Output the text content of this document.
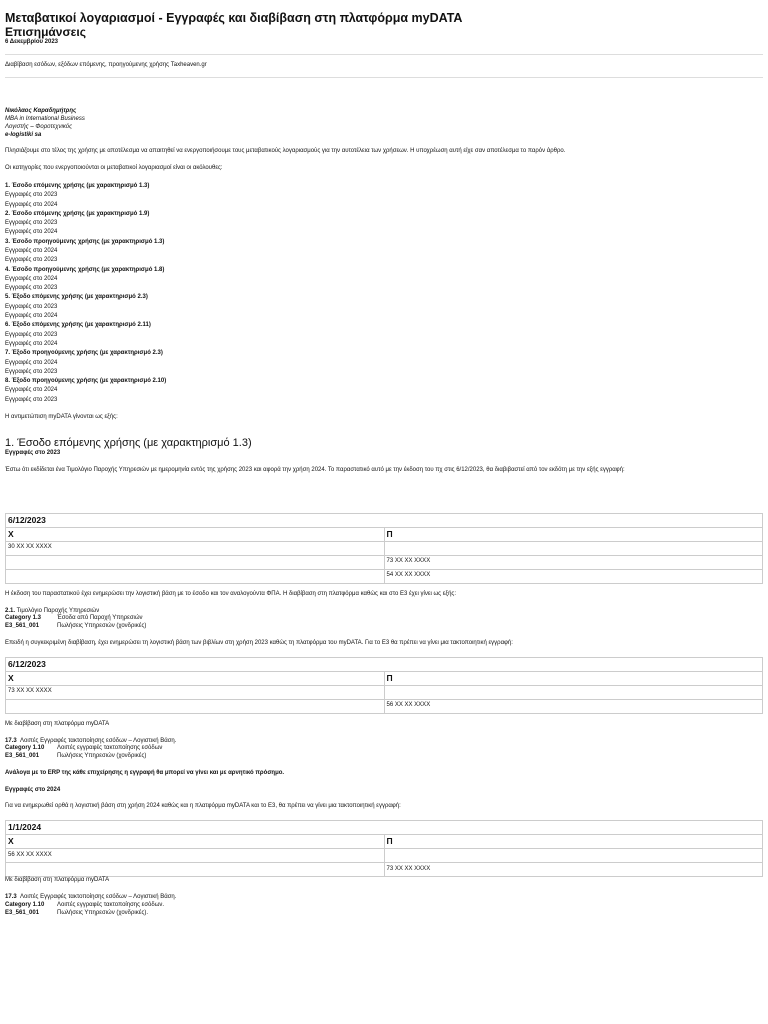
Μεταβατικοί λογαριασμοί - Εγγραφές και διαβίβαση στη πλατφόρμα myDATA
Επισημάνσεις
6 Δεκεμβρίου 2023
Διαβίβαση εσόδων, εξόδων επόμενης, προηγούμενης χρήσης Taxheaven.gr
Νικόλαος Καραδημήτρης
MBA in International Business
Λογιστής – Φοροτεχνικός
e-logistiki sa

Πλησιάζουμε στο τέλος της χρήσης με αποτέλεσμα να απαιτηθεί να ενεργοποιήσουμε τους μεταβατικούς λογαριασμούς για την αυτοτέλεια των χρήσεων. Η υποχρέωση αυτή είχε σαν αποτέλεσμα το παρόν άρθρο.

Οι κατηγορίες που ενεργοποιούνται οι μεταβατικοί λογαριασμοί είναι οι ακόλουθες:

1. Έσοδο επόμενης χρήσης (με χαρακτηρισμό 1.3)
Εγγραφές στο 2023
Εγγραφές στο 2024
2. Έσοδο επόμενης χρήσης (με χαρακτηρισμό 1.9)
Εγγραφές στο 2023
Εγγραφές στο 2024
3. Έσοδο προηγούμενης χρήσης (με χαρακτηρισμό 1.3)
Εγγραφές στο 2024
Εγγραφές στο 2023
4. Έσοδο προηγούμενης χρήσης (με χαρακτηρισμό 1.8)
Εγγραφές στο 2024
Εγγραφές στο 2023
5. Έξοδο επόμενης χρήσης (με χαρακτηρισμό 2.3)
Εγγραφές στο 2023
Εγγραφές στο 2024
6. Έξοδο επόμενης χρήσης (με χαρακτηρισμό 2.11)
Εγγραφές στο 2023
Εγγραφές στο 2024
7. Έξοδο προηγούμενης χρήσης (με χαρακτηρισμό 2.3)
Εγγραφές στο 2024
Εγγραφές στο 2023
8. Έξοδο προηγούμενης χρήσης (με χαρακτηρισμό 2.10)
Εγγραφές στο 2024
Εγγραφές στο 2023

Η αντιμετώπιση myDATA γίνονται ως εξής:

1. Έσοδο επόμενης χρήσης (με χαρακτηρισμό 1.3)
Εγγραφές στο 2023

Έστω ότι εκδίδεται ένα Τιμολόγιο Παροχής Υπηρεσιών με ημερομηνία εντός της χρήσης 2023 και αφορά την χρήση 2024. Το παραστατικό αυτό με την έκδοση του πχ στις 6/12/2023, θα διαβιβαστεί από τον εκδότη με την εξής εγγραφή:

6/12/2023	
Χ	Π
30 ΧΧ ΧΧ ΧΧΧΧ	
	73 ΧΧ ΧΧ ΧΧΧΧ
	54 ΧΧ ΧΧ ΧΧΧΧ

Η έκδοση του παραστατικού έχει ενημερώσει την λογιστική βάση με το έσοδο και τον αναλογούντα ΦΠΑ. Η διαβίβαση στη πλατφόρμα καθώς και στο Ε3 έχει γίνει ως εξής:

2.1. Τιμολόγιο Παροχής Υπηρεσιών
Category 1.3	Έσοδα από Παροχή Υπηρεσιών
E3_561_001	Πωλήσεις Υπηρεσιών (χονδρικές)

Επειδή η συγκεκριμένη διαβίβαση, έχει ενημερώσει τη λογιστική βάση των βιβλίων στη χρήση 2023 καθώς τη πλατφόρμα του myDATA. Για το Ε3 θα πρέπει να γίνει μια τακτοποιητική εγγραφή:

6/12/2023	
Χ	Π
73 ΧΧ ΧΧ ΧΧΧΧ	
	56 ΧΧ ΧΧ ΧΧΧΧ

Με διαβίβαση στη πλατφόρμα myDATA

17.3 Λοιπές Εγγραφές τακτοποίησης εσόδων – Λογιστική Βάση.
Category 1.10 Λοιπές εγγραφές τακτοποίησης εσόδων
E3_561_001	Πωλήσεις Υπηρεσιών (χονδρικές)

Ανάλογα με το ERP της κάθε επιχείρησης η εγγραφή θα μπορεί να γίνει και με αρνητικό πρόσημο.

Εγγραφές στο 2024

Για να ενημερωθεί ορθά η λογιστική βάση στη χρήση 2024 καθώς και η πλατφόρμα myDATA και το Ε3, θα πρέπει να γίνει μια τακτοποιητική εγγραφή:

1/1/2024	
Χ	Π
56 ΧΧ ΧΧ ΧΧΧΧ	
	73 ΧΧ ΧΧ ΧΧΧΧ

Με διαβίβαση στη πλατφόρμα myDATA

17.3 Λοιπές Εγγραφές τακτοποίησης εσόδων – Λογιστική Βάση.
Category 1.10 Λοιπές εγγραφές τακτοποίησης εσόδων.
E3_561_001	Πωλήσεις Υπηρεσιών (χονδρικές).
